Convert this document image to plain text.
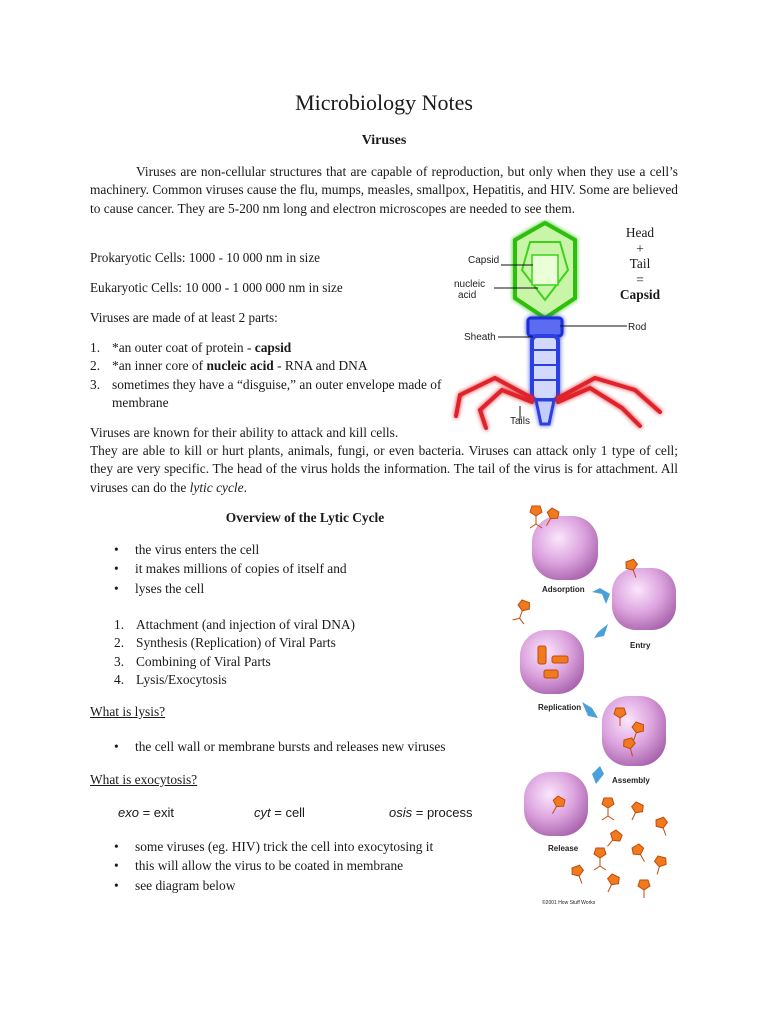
Microbiology Notes
Viruses
Viruses are non-cellular structures that are capable of reproduction, but only when they use a cell’s machinery. Common viruses cause the flu, mumps, measles, smallpox, Hepatitis, and HIV. Some are believed to cause cancer. They are 5-200 nm long and electron microscopes are needed to see them.
Prokaryotic Cells: 1000 - 10 000 nm in size
Eukaryotic Cells: 10 000 - 1 000 000 nm in size
Viruses are made of at least 2 parts:
1. *an outer coat of protein - capsid
2. *an inner core of nucleic acid - RNA and DNA
3. sometimes they have a “disguise,” an outer envelope made of membrane
Viruses are known for their ability to attack and kill cells.
They are able to kill or hurt plants, animals, fungi, or even bacteria. Viruses can attack only 1 type of cell; they are very specific. The head of the virus holds the information. The tail of the virus is for attachment. All viruses can do the lytic cycle.
Capsid
nucleic
acid
Sheath
Rod
Tails
Head
+
Tail
=
Capsid
Overview of the Lytic Cycle
• the virus enters the cell
• it makes millions of copies of itself and
• lyses the cell
1. Attachment (and injection of viral DNA)
2. Synthesis (Replication) of Viral Parts
3. Combining of Viral Parts
4. Lysis/Exocytosis
What is lysis?
• the cell wall or membrane bursts and releases new viruses
What is exocytosis?
exo = exit	cyt = cell	osis = process
• some viruses (eg. HIV) trick the cell into exocytosing it
• this will allow the virus to be coated in membrane
• see diagram below
Adsorption
Entry
Replication
Assembly
Release
©2001 How Stuff Works
